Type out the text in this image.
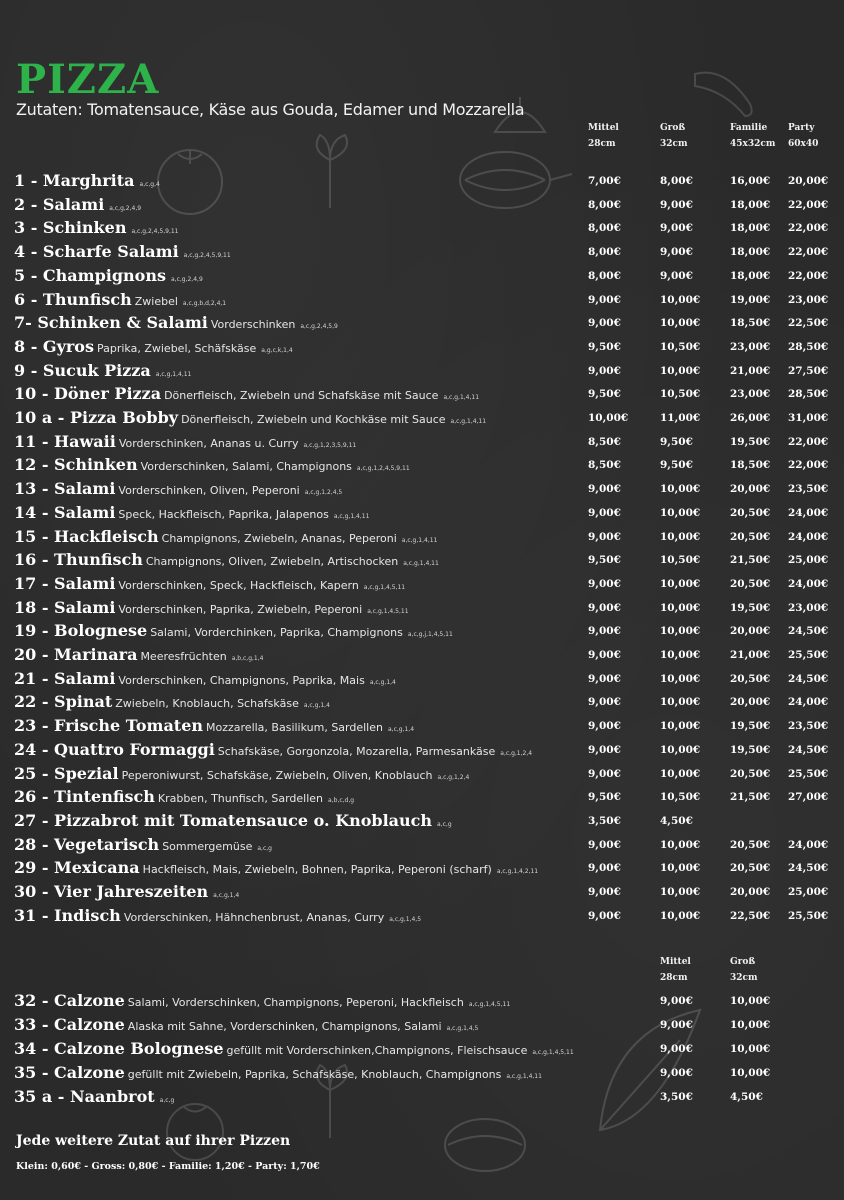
PIZZA
Zutaten: Tomatensauce, Käse aus Gouda, Edamer und Mozzarella
Mittel
28cm
Groß
32cm
Familie
45x32cm
Party
60x40
1 - Marghrita a,c,g,4	7,00€	8,00€	16,00€ 20,00€
2 - Salami a,c,g,2,4,9	8,00€	9,00€	18,00€ 22,00€
3 - Schinken a,c,g,2,4,5,9,11	8,00€	9,00€	18,00€ 22,00€
4 - Scharfe Salami a,c,g,2,4,5,9,11	8,00€	9,00€	18,00€ 22,00€
5 - Champignons a,c,g,2,4,9	8,00€	9,00€	18,00€ 22,00€
6 - Thunfisch Zwiebel a,c,g,b,d,2,4,1	9,00€	10,00€	19,00€ 23,00€
7- Schinken & Salami Vorderschinken a,c,g,2,4,5,9	9,00€	10,00€	18,50€ 22,50€
8 - Gyros Paprika, Zwiebel, Schäfskäse a,g,c,k,1,4	9,50€	10,50€	23,00€ 28,50€
9 - Sucuk Pizza a,c,g,1,4,11	9,00€	10,00€	21,00€ 27,50€
10 - Döner Pizza Dönerfleisch, Zwiebeln und Schafskäse mit Sauce a,c,g,1,4,11	9,50€	10,50€	23,00€ 28,50€
10 a - Pizza Bobby Dönerfleisch, Zwiebeln und Kochkäse mit Sauce a,c,g,1,4,11	10,00€	11,00€	26,00€ 31,00€
11 - Hawaii Vorderschinken, Ananas u. Curry a,c,g,1,2,3,5,9,11	8,50€	9,50€	19,50€ 22,00€
12 - Schinken Vorderschinken, Salami, Champignons a,c,g,1,2,4,5,9,11	8,50€	9,50€	18,50€ 22,00€
13 - Salami Vorderschinken, Oliven, Peperoni a,c,g,1,2,4,5	9,00€	10,00€	20,00€ 23,50€
14 - Salami Speck, Hackfleisch, Paprika, Jalapenos a,c,g,1,4,11	9,00€	10,00€	20,50€ 24,00€
15 - Hackfleisch Champignons, Zwiebeln, Ananas, Peperoni a,c,g,1,4,11	9,00€	10,00€	20,50€ 24,00€
16 - Thunfisch Champignons, Oliven, Zwiebeln, Artischocken a,c,g,1,4,11	9,50€	10,50€	21,50€ 25,00€
17 - Salami Vorderschinken, Speck, Hackfleisch, Kapern a,c,g,1,4,5,11	9,00€	10,00€	20,50€ 24,00€
18 - Salami Vorderschinken, Paprika, Zwiebeln, Peperoni a,c,g,1,4,5,11	9,00€	10,00€	19,50€ 23,00€
19 - Bolognese Salami, Vorderchinken, Paprika, Champignons a,c,g,j,1,4,5,11	9,00€	10,00€	20,00€ 24,50€
20 - Marinara Meeresfrüchten a,b,c,g,1,4	9,00€	10,00€	21,00€ 25,50€
21 - Salami Vorderschinken, Champignons, Paprika, Mais a,c,g,1,4	9,00€	10,00€	20,50€ 24,50€
22 - Spinat Zwiebeln, Knoblauch, Schafskäse a,c,g,1,4	9,00€	10,00€	20,00€ 24,00€
23 - Frische Tomaten Mozzarella, Basilikum, Sardellen a,c,g,1,4	9,00€	10,00€	19,50€ 23,50€
24 - Quattro Formaggi Schafskäse, Gorgonzola, Mozarella, Parmesankäse a,c,g,1,2,4	9,00€	10,00€	19,50€ 24,50€
25 - Spezial Peperoniwurst, Schafskäse, Zwiebeln, Oliven, Knoblauch a,c,g,1,2,4	9,00€	10,00€	20,50€ 25,50€
26 - Tintenfisch Krabben, Thunfisch, Sardellen a,b,c,d,g	9,50€	10,50€	21,50€ 27,00€
27 - Pizzabrot mit Tomatensauce o. Knoblauch a,c,g	3,50€	4,50€
28 - Vegetarisch Sommergemüse a,c,g	9,00€	10,00€	20,50€ 24,00€
29 - Mexicana Hackfleisch, Mais, Zwiebeln, Bohnen, Paprika, Peperoni (scharf) a,c,g,1,4,2,11	9,00€	10,00€	20,50€ 24,50€
30 - Vier Jahreszeiten a,c,g,1,4	9,00€	10,00€	20,00€ 25,00€
31 - Indisch Vorderschinken, Hähnchenbrust, Ananas, Curry a,c,g,1,4,5	9,00€	10,00€	22,50€ 25,50€
Mittel
28cm
Groß
32cm
32 - Calzone Salami, Vorderschinken, Champignons, Peperoni, Hackfleisch a,c,g,1,4,5,11	9,00€	10,00€
33 - Calzone Alaska mit Sahne, Vorderschinken, Champignons, Salami a,c,g,1,4,5	9,00€	10,00€
34 - Calzone Bolognese gefüllt mit Vorderschinken,Champignons, Fleischsauce a,c,g,1,4,5,11	9,00€	10,00€
35 - Calzone gefüllt mit Zwiebeln, Paprika, Schafskäse, Knoblauch, Champignons a,c,g,1,4,11	9,00€	10,00€
35 a - Naanbrot a,c,g	3,50€	4,50€
Jede weitere Zutat auf ihrer Pizzen
Klein: 0,60€ - Gross: 0,80€ - Familie: 1,20€ - Party: 1,70€
